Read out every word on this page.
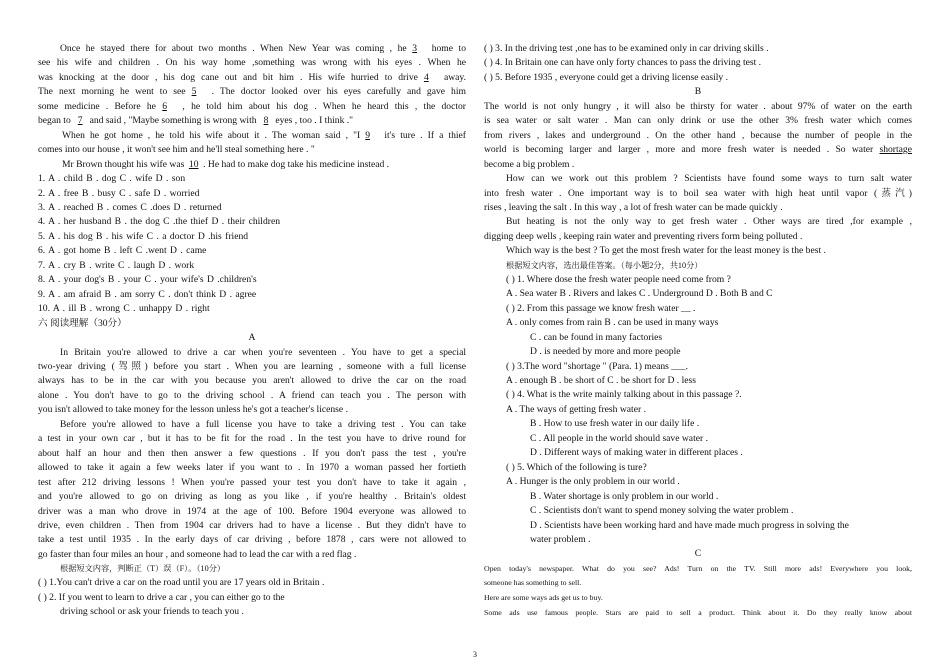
Once he stayed there for about two months . When New Year was coming , he 3 home to
see his wife and children . On his way home ,something was wrong with his eyes . When he
was knocking at the door , his dog cane out and bit him . His wife hurried to drive 4 away.
The next morning he went to see 5 . The doctor looked over his eyes carefully and gave him
some medicine . Before he 6 , he told him about his dog . When he heard this , the doctor
began to 7 and said , "Maybe something is wrong with 8 eyes , too . I think ."
When he got home , he told his wife about it . The woman said , "I 9 it's ture . If a thief
comes into our house , it won't see him and he'll steal something here . "
Mr Brown thought his wife was 10 . He had to make dog take his medicine instead .
1. A . child B . dog C . wife D . son
2. A . free B . busy C . safe D . worried
3. A . reached B . comes C .does D . returned
4. A . her husband B . the dog C .the thief D . their children
5. A . his dog B . his wife C . a doctor D .his friend
6. A . got home B . left C .went D . came
7. A . cry B . write C . laugh D . work
8. A . your dog's B . your C . your wife's D .children's
9. A . am afraid B . am sorry C . don't think D . agree
10. A . ill B . wrong C . unhappy D . right
六 阅读理解（30分）
A
In Britain you're allowed to drive a car when you're seventeen . You have to get a special
two-year driving (驾照) before you start . When you are learning , someone with a full license
always has to be in the car with you because you aren't allowed to drive the car on the road
alone . You don't have to go to the driving school . A friend can teach you . The person with
you isn't allowed to take money for the lesson unless he's got a teacher's license .
Before you're allowed to have a full license you have to take a driving test . You can take
a test in your own car , but it has to be fit for the road . In the test you have to drive round for
about half an hour and then then answer a few questions . If you don't pass the test , you're
allowed to take it again a few weeks later if you want to . In 1970 a woman passed her fortieth
test after 212 driving lessons ! When you're passed your test you don't have to take it again ,
and you're allowed to go on driving as long as you like , if you're healthy . Britain's oldest
driver was a man who drove in 1974 at the age of 100. Before 1904 everyone was allowed to
drive, even children . Then from 1904 car drivers had to have a license . But they didn't have to
take a test until 1935 . In the early days of car driving , before 1878 , cars were not allowed to
go faster than four miles an hour , and someone had to lead the car with a red flag .
根据短文内容，判断正（T）误（F）。（10分）
( ) 1.You can't drive a car on the road until you are 17 years old in Britain .
( ) 2. If you went to learn to drive a car , you can either go to the
driving school or ask your friends to teach you .
( ) 3. In the driving test ,one has to be examined only in car driving skills .
( ) 4. In Britain one can have only forty chances to pass the driving test .
( ) 5. Before 1935 , everyone could get a driving license easily .
B
The world is not only hungry , it will also be thirsty for water . about 97% of water on the earth
is sea water or salt water . Man can only drink or use the other 3% fresh water which comes
from rivers , lakes and underground . On the other hand , because the number of people in the
world is becoming larger and larger , more and more fresh water is needed . So water shortage
become a big problem .
How can we work out this problem ? Scientists have found some ways to turn salt water
into fresh water . One important way is to boil sea water with high heat until vapor (蒸汽)
rises , leaving the salt . In this way , a lot of fresh water can be made quickly .
But heating is not the only way to get fresh water . Other ways are tired ,for example ,
digging deep wells , keeping rain water and preventing rivers form being polluted .
Which way is the best ? To get the most fresh water for the least money is the best .
根据短文内容，选出最佳答案。（每小题2分，共10分）
( ) 1. Where dose the fresh water people need come from ?
A . Sea water B . Rivers and lakes C . Underground D . Both B and C
( ) 2. From this passage we know fresh water __ .
A . only comes from rain B . can be used in many ways
C . can be found in many factories
D . is needed by more and more people
( ) 3.The word "shortage " (Para. 1) means ___.
A . enough B . be short of C . be short for D . less
( ) 4. What is the write mainly talking about in this passage ?.
A . The ways of getting fresh water .
B . How to use fresh water in our daily life .
C . All people in the world should save water .
D . Different ways of making water in different places .
( ) 5. Which of the following is ture?
A . Hunger is the only problem in our world .
B . Water shortage is only problem in our world .
C . Scientists don't want to spend money solving the water problem .
D . Scientists have been working hard and have made much progress in solving the
water problem .
C
Open today's newspaper. What do you see? Ads! Turn on the TV. Still more ads! Everywhere you look,
someone has something to sell.
Here are some ways ads get us to buy.
Some ads use famous people. Stars are paid to sell a product. Think about it. Do they really know about
3
